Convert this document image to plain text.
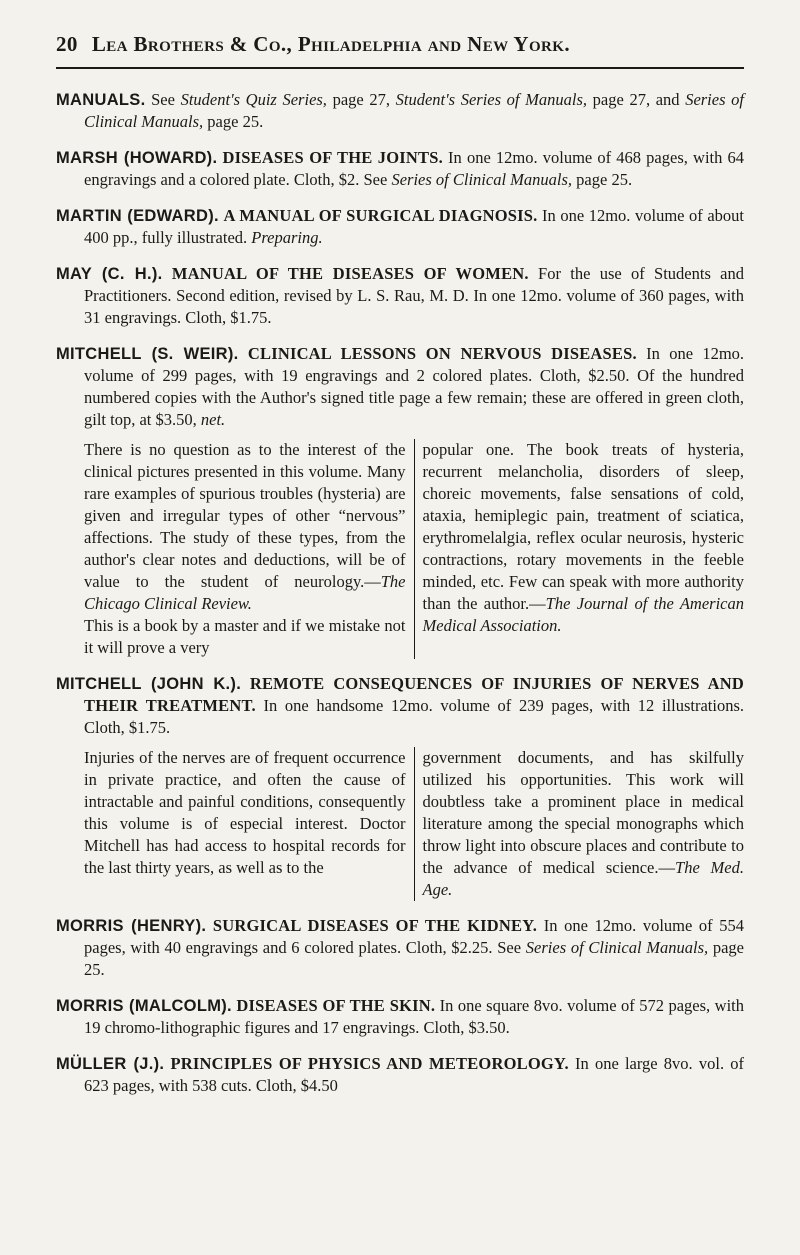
20 Lea Brothers & Co., Philadelphia and New York.

MANUALS. See Student's Quiz Series, page 27, Student's Series of Manuals, page 27, and Series of Clinical Manuals, page 25.

MARSH (HOWARD). DISEASES OF THE JOINTS. In one 12mo. volume of 468 pages, with 64 engravings and a colored plate. Cloth, $2. See Series of Clinical Manuals, page 25.

MARTIN (EDWARD). A MANUAL OF SURGICAL DIAGNOSIS. In one 12mo. volume of about 400 pp., fully illustrated. Preparing.

MAY (C. H.). MANUAL OF THE DISEASES OF WOMEN. For the use of Students and Practitioners. Second edition, revised by L. S. Rau, M. D. In one 12mo. volume of 360 pages, with 31 engravings. Cloth, $1.75.

MITCHELL (S. WEIR). CLINICAL LESSONS ON NERVOUS DISEASES. In one 12mo. volume of 299 pages, with 19 engravings and 2 colored plates. Cloth, $2.50. Of the hundred numbered copies with the Author's signed title page a few remain; these are offered in green cloth, gilt top, at $3.50, net.

There is no question as to the interest of the clinical pictures presented in this volume. Many rare examples of spurious troubles (hysteria) are given and irregular types of other “nervous” affections. The study of these types, from the author's clear notes and deductions, will be of value to the student of neurology.—The Chicago Clinical Review.

This is a book by a master and if we mistake not it will prove a very

popular one. The book treats of hysteria, recurrent melancholia, disorders of sleep, choreic movements, false sensations of cold, ataxia, hemiplegic pain, treatment of sciatica, erythromelalgia, reflex ocular neurosis, hysteric contractions, rotary movements in the feeble minded, etc. Few can speak with more authority than the author.—The Journal of the American Medical Association.

MITCHELL (JOHN K.). REMOTE CONSEQUENCES OF INJURIES OF NERVES AND THEIR TREATMENT. In one handsome 12mo. volume of 239 pages, with 12 illustrations. Cloth, $1.75.

Injuries of the nerves are of frequent occurrence in private practice, and often the cause of intractable and painful conditions, consequently this volume is of especial interest. Doctor Mitchell has had access to hospital records for the last thirty years, as well as to the

government documents, and has skilfully utilized his opportunities. This work will doubtless take a prominent place in medical literature among the special monographs which throw light into obscure places and contribute to the advance of medical science.—The Med. Age.

MORRIS (HENRY). SURGICAL DISEASES OF THE KIDNEY. In one 12mo. volume of 554 pages, with 40 engravings and 6 colored plates. Cloth, $2.25. See Series of Clinical Manuals, page 25.

MORRIS (MALCOLM). DISEASES OF THE SKIN. In one square 8vo. volume of 572 pages, with 19 chromo-lithographic figures and 17 engravings. Cloth, $3.50.

MÜLLER (J.). PRINCIPLES OF PHYSICS AND METEOROLOGY. In one large 8vo. vol. of 623 pages, with 538 cuts. Cloth, $4.50
